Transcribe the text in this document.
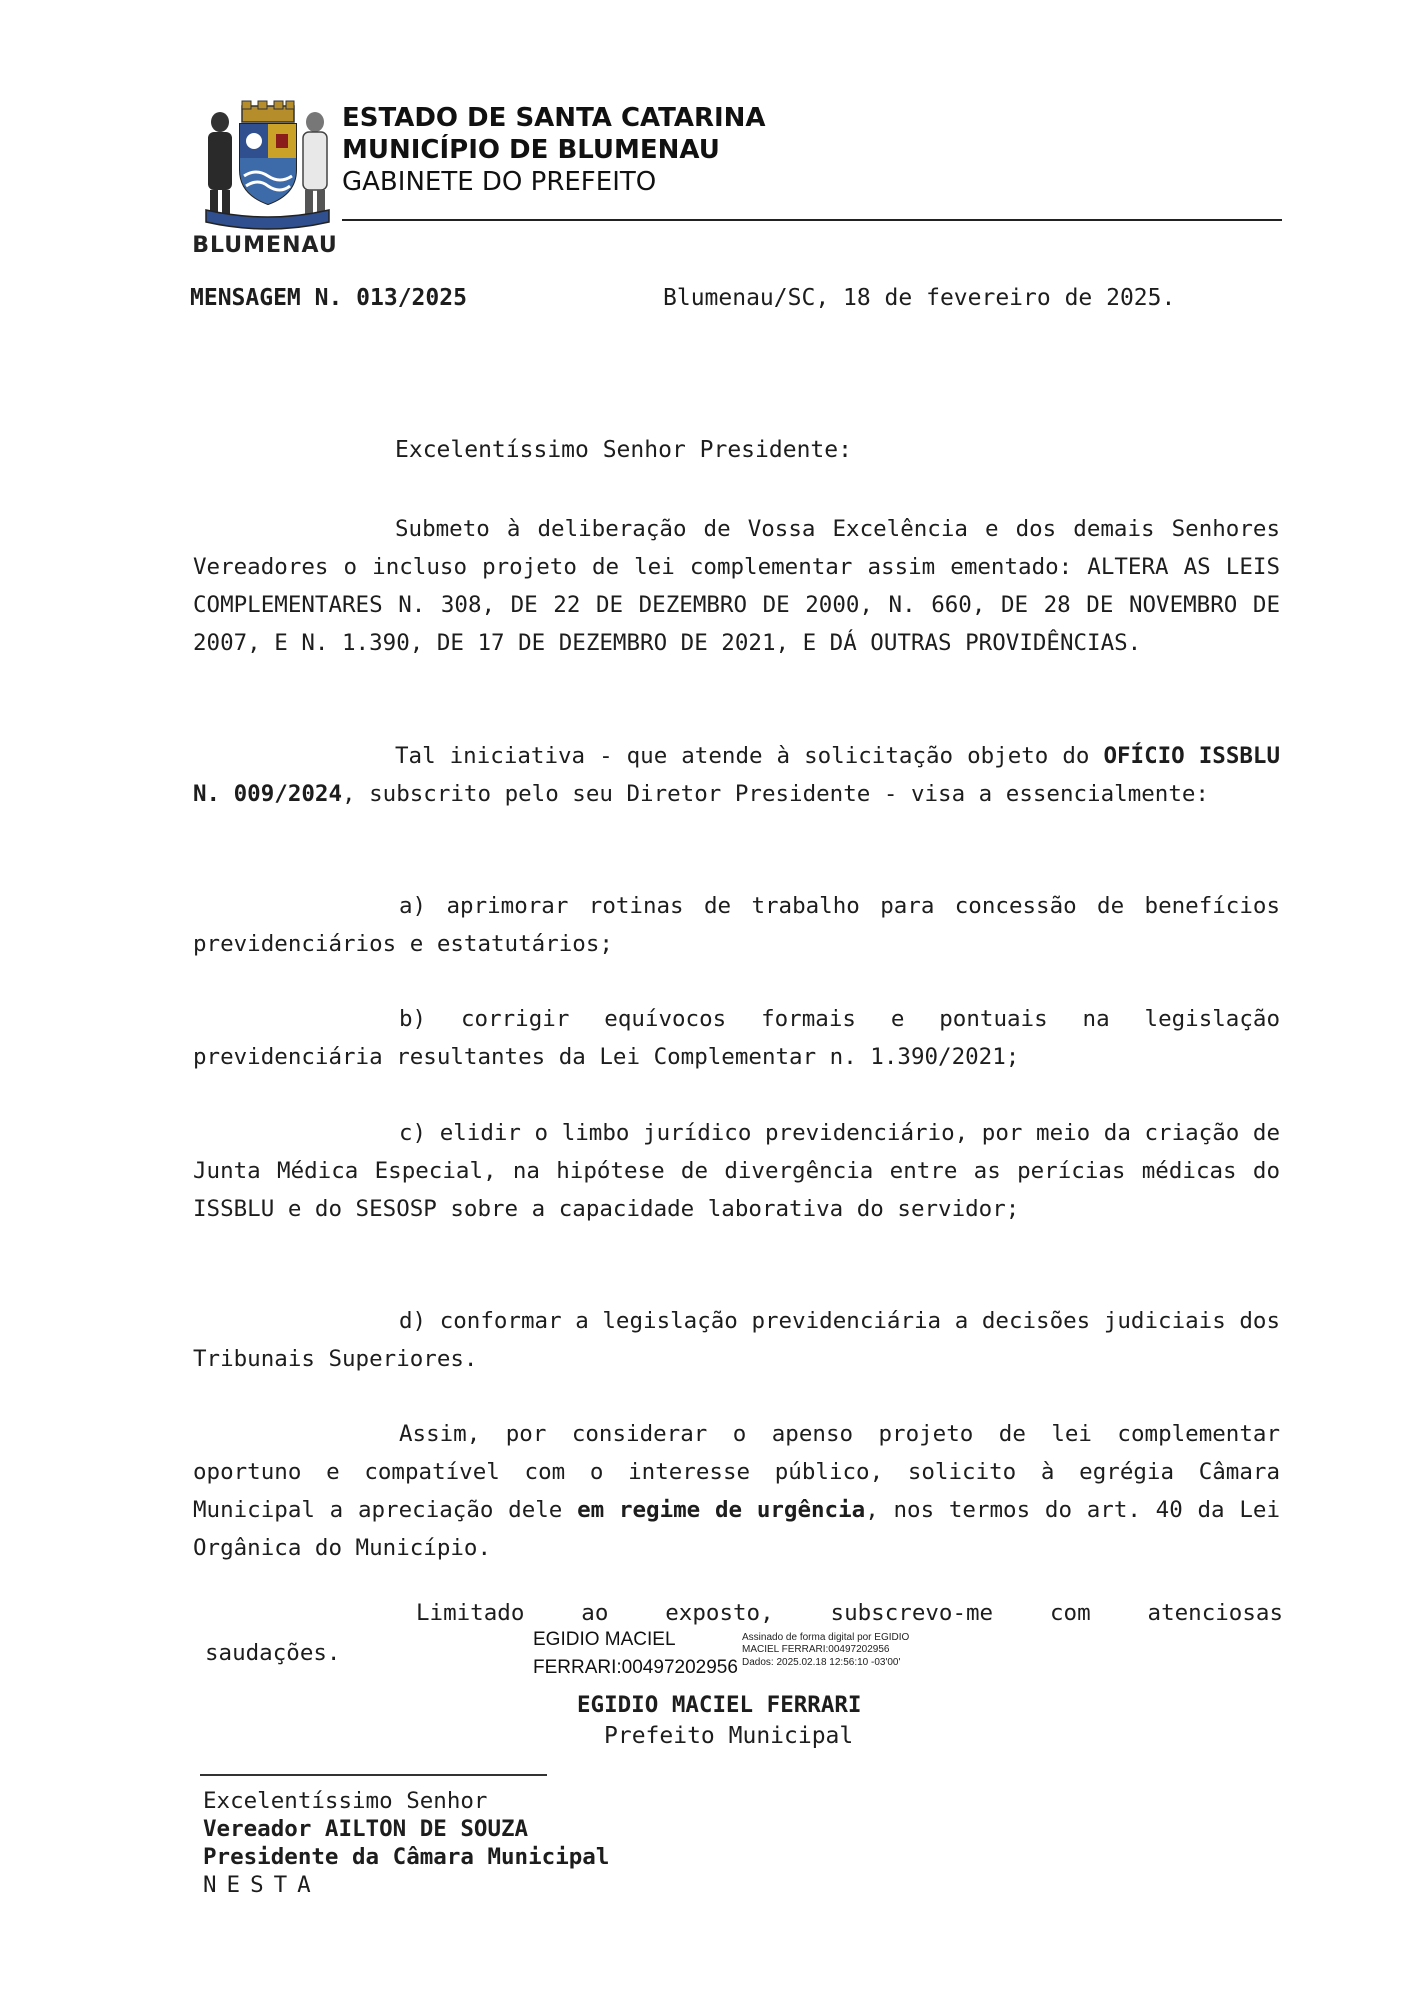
BLUMENAU
ESTADO DE SANTA CATARINA
MUNICÍPIO DE BLUMENAU
GABINETE DO PREFEITO
MENSAGEM N. 013/2025	Blumenau/SC, 18 de fevereiro de 2025.
Excelentíssimo Senhor Presidente:
Submeto à deliberação de Vossa Excelência e dos demais Senhores Vereadores o incluso projeto de lei complementar assim ementado: ALTERA AS LEIS COMPLEMENTARES N. 308, DE 22 DE DEZEMBRO DE 2000, N. 660, DE 28 DE NOVEMBRO DE 2007, E N. 1.390, DE 17 DE DEZEMBRO DE 2021, E DÁ OUTRAS PROVIDÊNCIAS.
Tal iniciativa - que atende à solicitação objeto do OFÍCIO ISSBLU N. 009/2024, subscrito pelo seu Diretor Presidente - visa a essencialmente:
a) aprimorar rotinas de trabalho para concessão de benefícios previdenciários e estatutários;
b) corrigir equívocos formais e pontuais na legislação previdenciária resultantes da Lei Complementar n. 1.390/2021;
c) elidir o limbo jurídico previdenciário, por meio da criação de Junta Médica Especial, na hipótese de divergência entre as perícias médicas do ISSBLU e do SESOSP sobre a capacidade laborativa do servidor;
d) conformar a legislação previdenciária a decisões judiciais dos Tribunais Superiores.
Assim, por considerar o apenso projeto de lei complementar oportuno e compatível com o interesse público, solicito à egrégia Câmara Municipal a apreciação dele em regime de urgência, nos termos do art. 40 da Lei Orgânica do Município.
Limitado ao exposto, subscrevo-me com atenciosas
saudações.
EGIDIO MACIEL
FERRARI:00497202956
Assinado de forma digital por EGIDIO
MACIEL FERRARI:00497202956
Dados: 2025.02.18 12:56:10 -03'00'
EGIDIO MACIEL FERRARI
Prefeito Municipal
Excelentíssimo Senhor
Vereador AILTON DE SOUZA
Presidente da Câmara Municipal
NESTA
